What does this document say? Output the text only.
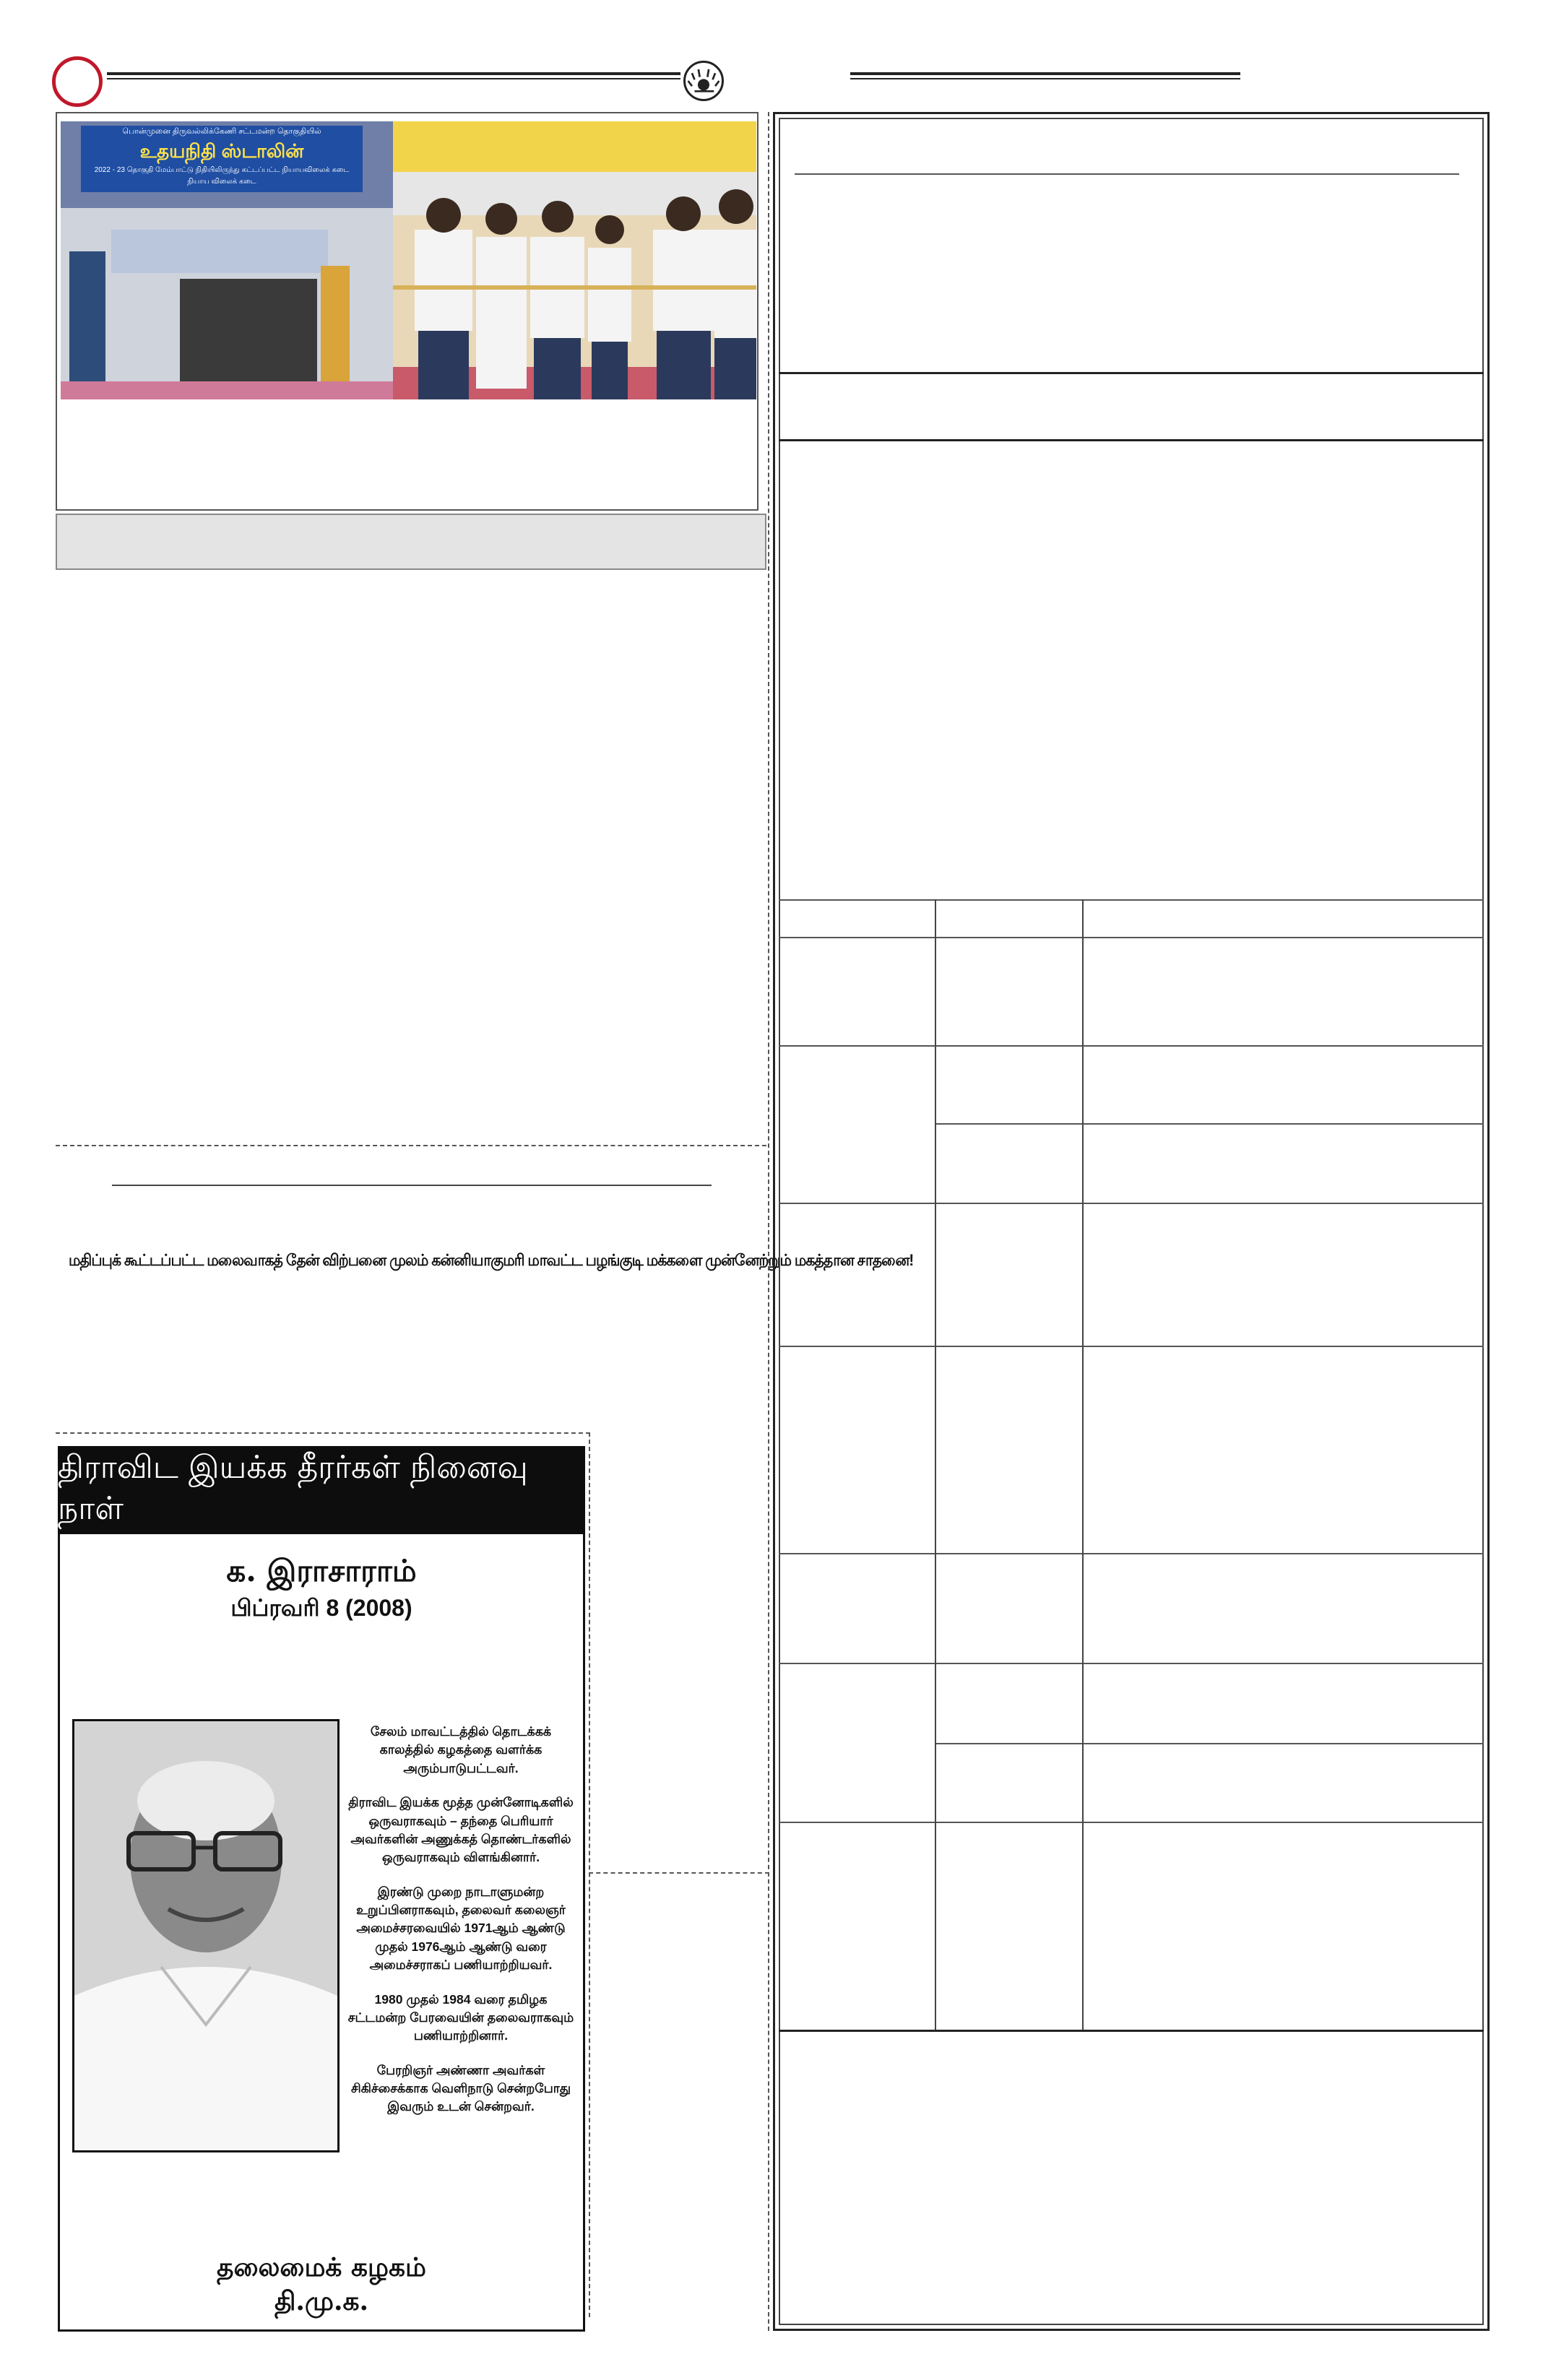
பொன்முனை திருவல்லிக்கேணி சட்டமன்ற தொகுதியில்
உதயநிதி ஸ்டாலின்
2022 - 23 தொகுதி மேம்பாட்டு நிதியிலிருந்து கட்டப்பட்ட நியாயவிலைக் கடை
நியாய விலைக் கடை
மதிப்புக் கூட்டப்பட்ட மலைவாகத் தேன் விற்பனை முலம் கன்னியாகுமரி மாவட்ட பழங்குடி மக்களை முன்னேற்றும் மகத்தான சாதனை!
திராவிட இயக்க தீரர்கள் நினைவு நாள்
க. இராசாராம்
பிப்ரவரி 8 (2008)

சேலம் மாவட்டத்தில் தொடக்கக் காலத்தில் கழகத்தை வளர்க்க அரும்பாடுபட்டவர்.

திராவிட இயக்க மூத்த முன்னோடிகளில் ஒருவராகவும் – தந்தை பெரியார் அவர்களின் அணுக்கத் தொண்டர்களில் ஒருவராகவும் விளங்கினார்.

இரண்டு முறை நாடாளுமன்ற உறுப்பினராகவும், தலைவர் கலைஞர் அமைச்சரவையில் 1971ஆம் ஆண்டு முதல் 1976ஆம் ஆண்டு வரை அமைச்சராகப் பணியாற்றியவர்.

1980 முதல் 1984 வரை தமிழக சட்டமன்ற பேரவையின் தலைவராகவும் பணியாற்றினார்.

பேரறிஞர் அண்ணா அவர்கள் சிகிச்சைக்காக வெளிநாடு சென்றபோது இவரும் உடன் சென்றவர்.

தலைமைக் கழகம்
தி.மு.க.
